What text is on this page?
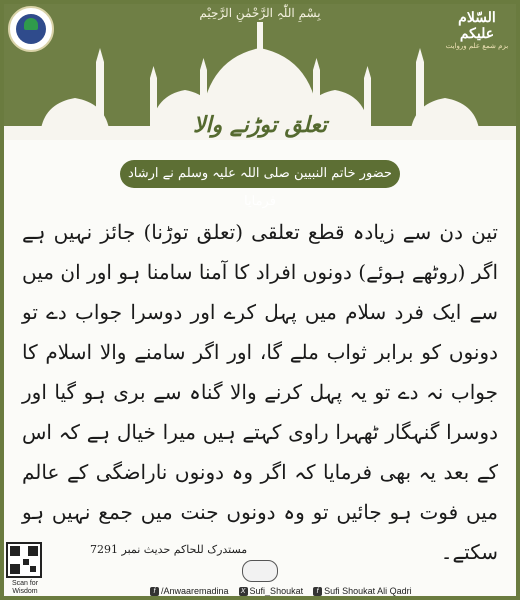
بِسْمِ اللّٰہِ الرَّحْمٰنِ الرَّحِیْم	السّلام
علیکم
بزم شمع علم وروایت
تعلق توڑنے والا
حضور خاتم النبیین صلی اللہ علیہ وسلم نے ارشاد فرمایا
تین دن سے زیادہ قطع تعلقی (تعلق توڑنا) جائز نہیں ہے اگر (روٹھے ہوئے) دونوں افراد کا آمنا سامنا ہو اور ان میں سے ایک فرد سلام میں پہل کرے اور دوسرا جواب دے تو دونوں کو برابر ثواب ملے گا، اور اگر سامنے والا اسلام کا جواب نہ دے تو یہ پہل کرنے والا گناہ سے بری ہو گیا اور دوسرا گنہگار ٹھہرا راوی کہتے ہیں میرا خیال ہے کہ اس کے بعد یہ بھی فرمایا کہ اگر وہ دونوں ناراضگی کے عالم میں فوت ہو جائیں تو وہ دونوں جنت میں جمع نہیں ہو سکتے۔
Scan for Wisdom
مستدرک للحاکم حدیث نمبر 7291
f /Anwaaremadina	X Sufi_Shoukat	f Sufi Shoukat Ali Qadri
